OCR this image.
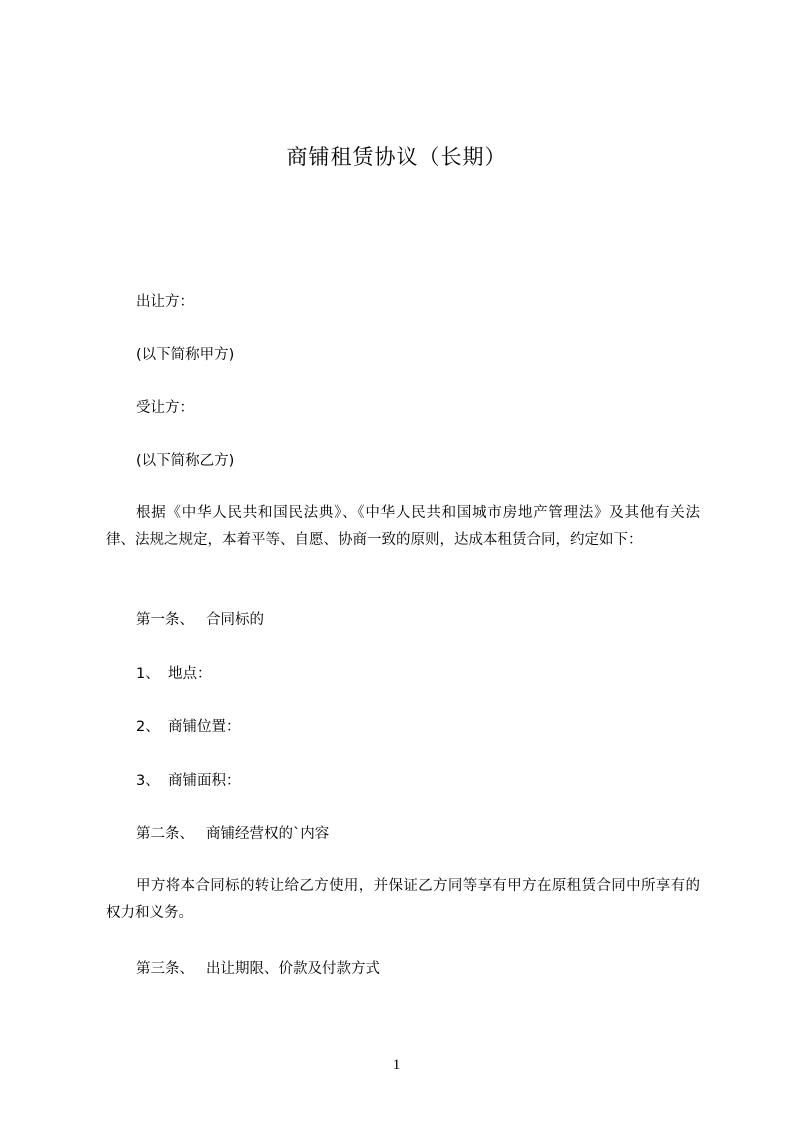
商铺租赁协议（长期）
出让方：
(以下简称甲方)
受让方：
(以下简称乙方)
根据《中华人民共和国民法典》、《中华人民共和国城市房地产管理法》及其他有关法律、法规之规定，本着平等、自愿、协商一致的原则，达成本租赁合同，约定如下：
第一条、 合同标的
1、 地点：
2、 商铺位置：
3、 商铺面积：
第二条、 商铺经营权的`内容
甲方将本合同标的转让给乙方使用，并保证乙方同等享有甲方在原租赁合同中所享有的权力和义务。
第三条、 出让期限、价款及付款方式
1
